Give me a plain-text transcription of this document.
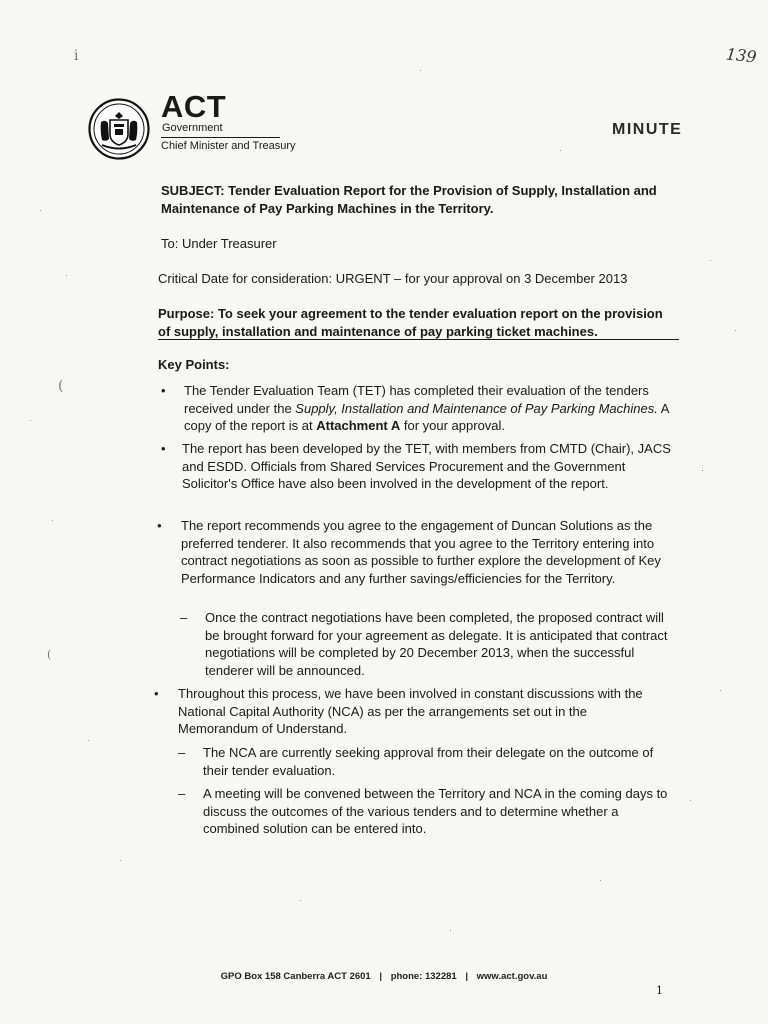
139
i
(
(
ACT
Government
Chief Minister and Treasury
MINUTE
SUBJECT: Tender Evaluation Report for the Provision of Supply, Installation and Maintenance of Pay Parking Machines in the Territory.
To: Under Treasurer
Critical Date for consideration: URGENT – for your approval on 3 December 2013
Purpose: To seek your agreement to the tender evaluation report on the provision of supply, installation and maintenance of pay parking ticket machines.
Key Points:
• The Tender Evaluation Team (TET) has completed their evaluation of the tenders received under the Supply, Installation and Maintenance of Pay Parking Machines. A copy of the report is at Attachment A for your approval.
• The report has been developed by the TET, with members from CMTD (Chair), JACS and ESDD. Officials from Shared Services Procurement and the Government Solicitor's Office have also been involved in the development of the report.
• The report recommends you agree to the engagement of Duncan Solutions as the preferred tenderer. It also recommends that you agree to the Territory entering into contract negotiations as soon as possible to further explore the development of Key Performance Indicators and any further savings/efficiencies for the Territory.
– Once the contract negotiations have been completed, the proposed contract will be brought forward for your agreement as delegate. It is anticipated that contract negotiations will be completed by 20 December 2013, when the successful tenderer will be announced.
• Throughout this process, we have been involved in constant discussions with the National Capital Authority (NCA) as per the arrangements set out in the Memorandum of Understand.
– The NCA are currently seeking approval from their delegate on the outcome of their tender evaluation.
– A meeting will be convened between the Territory and NCA in the coming days to discuss the outcomes of the various tenders and to determine whether a combined solution can be entered into.
GPO Box 158 Canberra ACT 2601 | phone: 132281 | www.act.gov.au
1
